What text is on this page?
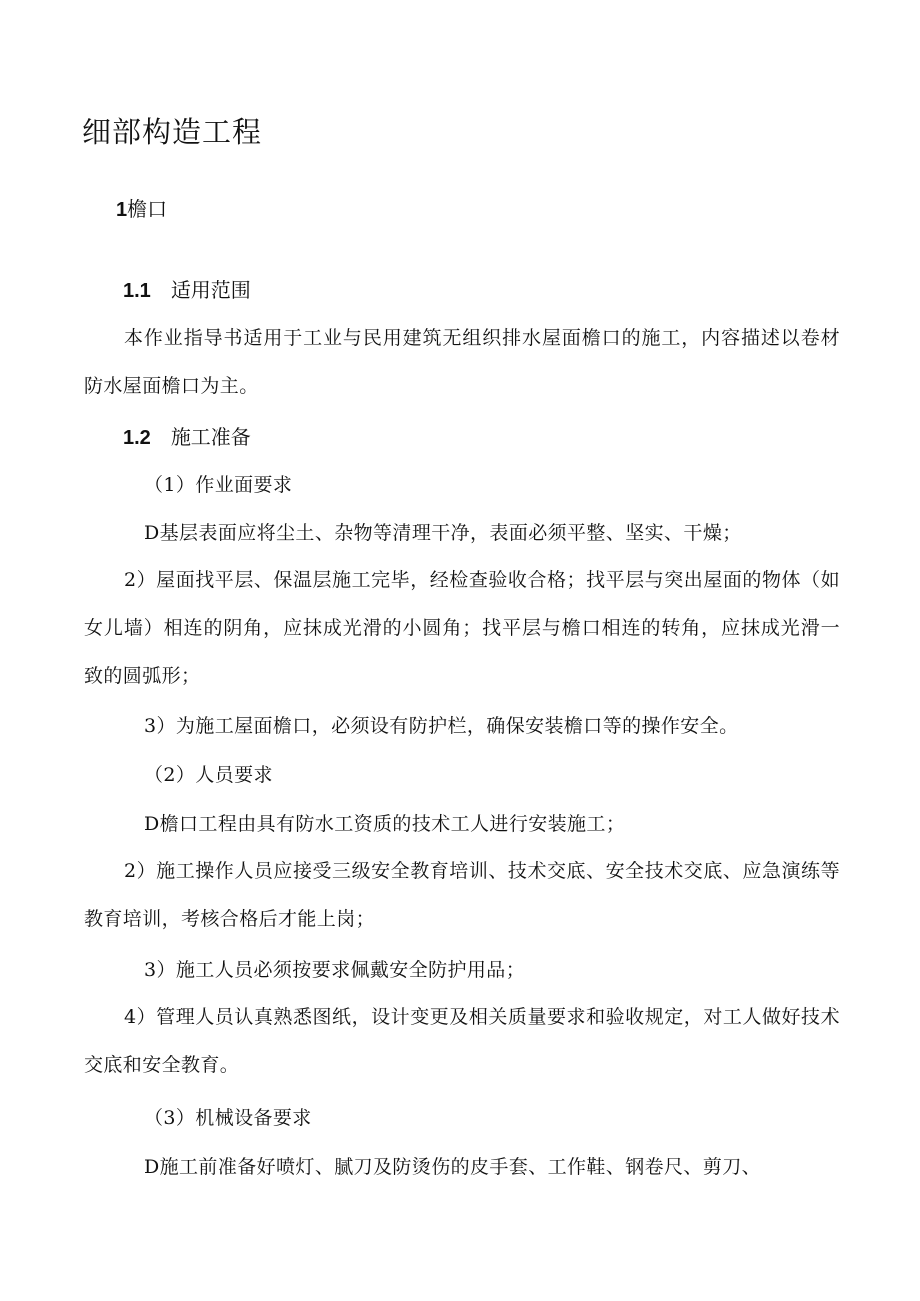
细部构造工程
1檐口
1.1 适用范围
本作业指导书适用于工业与民用建筑无组织排水屋面檐口的施工，内容描述以卷材防水屋面檐口为主。
1.2 施工准备
（1）作业面要求
D基层表面应将尘土、杂物等清理干净，表面必须平整、坚实、干燥；
2）屋面找平层、保温层施工完毕，经检查验收合格；找平层与突出屋面的物体（如女儿墙）相连的阴角，应抹成光滑的小圆角；找平层与檐口相连的转角，应抹成光滑一致的圆弧形；
3）为施工屋面檐口，必须设有防护栏，确保安装檐口等的操作安全。
（2）人员要求
D檐口工程由具有防水工资质的技术工人进行安装施工；
2）施工操作人员应接受三级安全教育培训、技术交底、安全技术交底、应急演练等教育培训，考核合格后才能上岗；
3）施工人员必须按要求佩戴安全防护用品；
4）管理人员认真熟悉图纸，设计变更及相关质量要求和验收规定，对工人做好技术交底和安全教育。
（3）机械设备要求
D施工前准备好喷灯、腻刀及防烫伤的皮手套、工作鞋、钢卷尺、剪刀、
